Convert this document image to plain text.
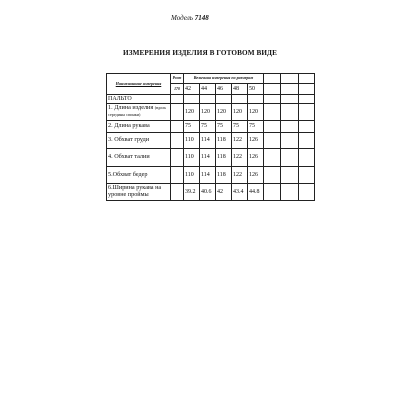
Модель 7148
ИЗМЕРЕНИЯ ИЗДЕЛИЯ В ГОТОВОМ ВИДЕ
Наименование измерения	Рост	Величина измерения по размерам							
	170	42	44	46	48	50			
ПАЛЬТО									
1. Длина изделия (вдоль середины спинки)		120	120	120	120	120			
2. Длина рукава		75	75	75	75	75			
3. Обхват груди		110	114	118	122	126			
4. Обхват талии		110	114	118	122	126			
5.Обхват бедер		110	114	118	122	126			
6.Ширина рукава на уровне проймы		39.2	40.6	42	43.4	44.8			
